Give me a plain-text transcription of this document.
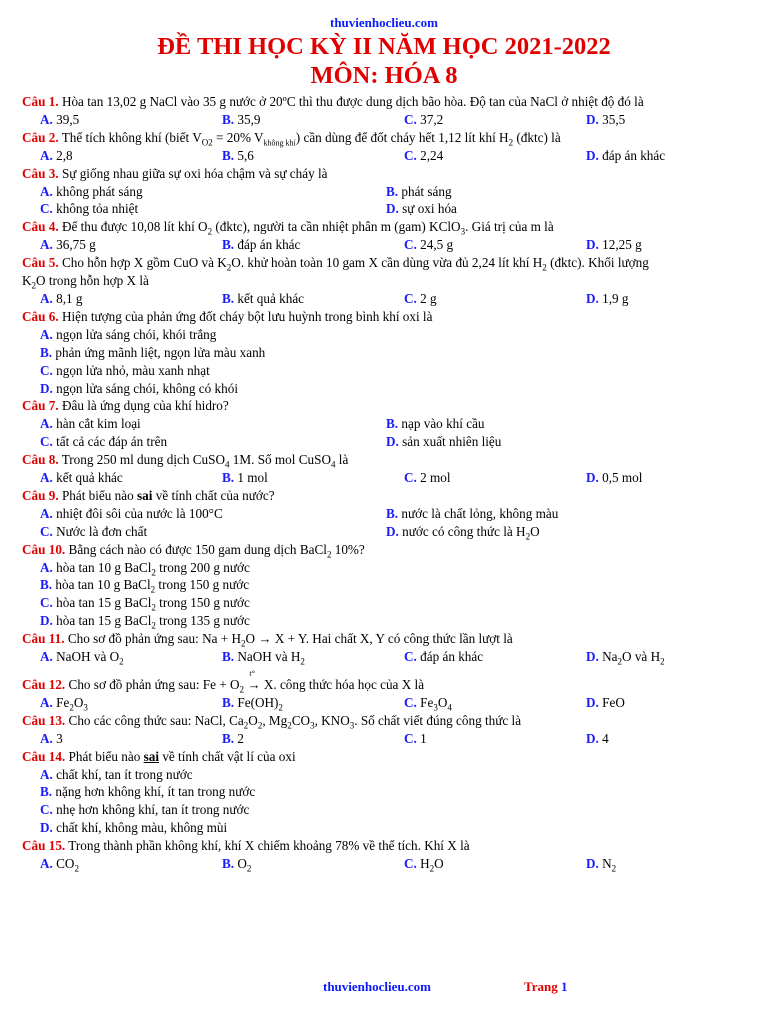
thuvienhoclieu.com
ĐỀ THI HỌC KỲ II NĂM HỌC 2021-2022
MÔN: HÓA 8
Câu 1. Hòa tan 13,02 g NaCl vào 35 g nước ở 20ºC thì thu được dung dịch bão hòa. Độ tan của NaCl ở nhiệt độ đó là
A. 39,5	B. 35,9	C. 37,2	D. 35,5
Câu 2. Thể tích không khí (biết $V_{O2} = 20\%$ $V_{không khí}$) cần dùng để đốt cháy hết 1,12 lít khí $H_2$ (đktc) là
A. 2,8	B. 5,6	C. 2,24	D. đáp án khác
Câu 3. Sự giống nhau giữa sự oxi hóa chậm và sự cháy là
A. không phát sáng	B. phát sáng
C. không tỏa nhiệt	D. sự oxi hóa
Câu 4. Để thu được 10,08 lít khí $O_2$ (đktc), người ta cần nhiệt phân m (gam) KClO$_3$. Giá trị của m là
A. 36,75 g	B. đáp án khác	C. 24,5 g	D. 12,25 g
Câu 5. Cho hỗn hợp X gồm CuO và $K_2O$. khử hoàn toàn 10 gam X cần dùng vừa đủ 2,24 lít khí $H_2$ (đktc). Khối lượng
$K_2O$ trong hỗn hợp X là
A. 8,1 g	B. kết quả khác	C. 2 g	D. 1,9 g
Câu 6. Hiện tượng của phản ứng đốt cháy bột lưu huỳnh trong bình khí oxi là
A. ngọn lửa sáng chói, khói trắng
B. phản ứng mãnh liệt, ngọn lửa màu xanh
C. ngọn lửa nhỏ, màu xanh nhạt
D. ngọn lửa sáng chói, không có khói
Câu 7. Đâu là ứng dụng của khí hidro?
A. hàn cắt kim loại	B. nạp vào khí cầu
C. tất cả các đáp án trên	D. sản xuất nhiên liệu
Câu 8. Trong 250 ml dung dịch CuSO$_4$ 1M. Số mol CuSO$_4$ là
A. kết quả khác	B. 1 mol	C. 2 mol	D. 0,5 mol
Câu 9. Phát biểu nào sai về tính chất của nước?
A. nhiệt đôi sôi của nước là 100°C	B. nước là chất lỏng, không màu
C. Nước là đơn chất	D. nước có công thức là $H_2O$
Câu 10. Bằng cách nào có được 150 gam dung dịch BaCl$_2$ 10%?
A. hòa tan 10 g BaCl$_2$ trong 200 g nước
B. hòa tan 10 g BaCl$_2$ trong 150 g nước
C. hòa tan 15 g BaCl$_2$ trong 150 g nước
D. hòa tan 15 g BaCl$_2$ trong 135 g nước
Câu 11. Cho sơ đồ phản ứng sau: $Na + H_2O \to X + Y$. Hai chất X, Y có công thức lần lượt là
A. NaOH và $O_2$	B. NaOH và $H_2$	C. đáp án khác	D. $Na_2O$ và $H_2$
Câu 12. Cho sơ đồ phản ứng sau: $Fe + O_2$
t°
→ X. công thức hóa học của X là
A. $Fe_2O_3$	B. $Fe(OH)_2$	C. $Fe_3O_4$	D. FeO
Câu 13. Cho các công thức sau: NaCl, $Ca_2O_2$, $Mg_2CO_3$, $KNO_3$. Số chất viết đúng công thức là
A. 3	B. 2	C. 1	D. 4
Câu 14. Phát biểu nào sai về tính chất vật lí của oxi
A. chất khí, tan ít trong nước
B. nặng hơn không khí, ít tan trong nước
C. nhẹ hơn không khí, tan ít trong nước
D. chất khí, không màu, không mùi
Câu 15. Trong thành phần không khí, khí X chiếm khoảng 78% về thể tích. Khí X là
A. $CO_2$	B. $O_2$	C. $H_2O$	D. $N_2$
thuvienhoclieu.com	Trang 1
